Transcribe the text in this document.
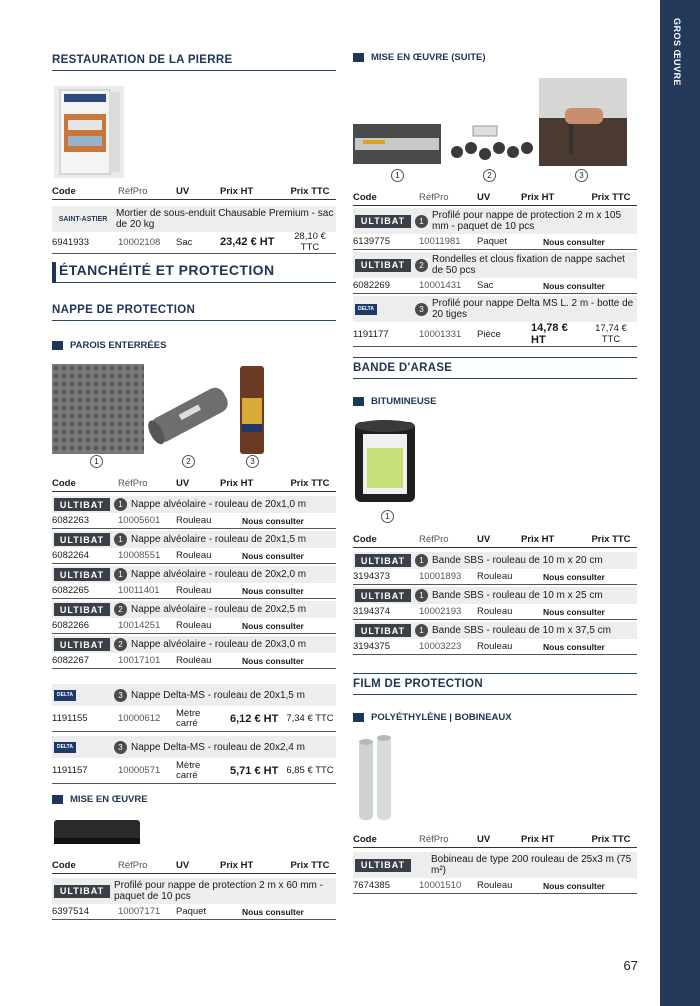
GROS ŒUVRE
RESTAURATION DE LA PIERRE
Code	RéfPro	UV	Prix HT	Prix TTC
SAINT-ASTIER Mortier de sous-enduit Chausable Premium - sac de 20 kg
6941933	10002108	Sac	23,42 € HT	28,10 € TTC
ÉTANCHÉITÉ ET PROTECTION
NAPPE DE PROTECTION
PAROIS ENTERRÉES
1	2	3
Code	RéfPro	UV	Prix HT	Prix TTC
ULTIBAT	1 Nappe alvéolaire - rouleau de 20x1,0 m
6082263	10005601	Rouleau	Nous consulter
ULTIBAT	1 Nappe alvéolaire - rouleau de 20x1,5 m
6082264	10008551	Rouleau	Nous consulter
ULTIBAT	1 Nappe alvéolaire - rouleau de 20x2,0 m
6082265	10011401	Rouleau	Nous consulter
ULTIBAT	2 Nappe alvéolaire - rouleau de 20x2,5 m
6082266	10014251	Rouleau	Nous consulter
ULTIBAT	2 Nappe alvéolaire - rouleau de 20x3,0 m
6082267	10017101	Rouleau	Nous consulter
DELTA	3 Nappe Delta-MS - rouleau de 20x1,5 m
1191155	10000612	Mètre carré	6,12 € HT 7,34 € TTC
DELTA	3 Nappe Delta-MS - rouleau de 20x2,4 m
1191157	10000571	Mètre carré	5,71 € HT 6,85 € TTC
MISE EN ŒUVRE
Code	RéfPro	UV	Prix HT	Prix TTC
ULTIBAT Profilé pour nappe de protection 2 m x 60 mm - paquet de 10 pcs
6397514	10007171	Paquet	Nous consulter
MISE EN ŒUVRE (SUITE)
1	2	3
Code	RéfPro	UV	Prix HT	Prix TTC
ULTIBAT	1 Profilé pour nappe de protection 2 m x 105 mm - paquet de 10 pcs
6139775	10011981	Paquet	Nous consulter
ULTIBAT	2 Rondelles et clous fixation de nappe sachet de 50 pcs
6082269	10001431	Sac	Nous consulter
DELTA	3 Profilé pour nappe Delta MS L. 2 m - botte de 20 tiges
1191177	10001331	Pièce	14,78 € HT
17,74 € TTC
BANDE D'ARASE
BITUMINEUSE
1
Code	RéfPro	UV	Prix HT	Prix TTC
ULTIBAT	1 Bande SBS - rouleau de 10 m x 20 cm
3194373	10001893	Rouleau	Nous consulter
ULTIBAT	1 Bande SBS - rouleau de 10 m x 25 cm
3194374	10002193	Rouleau	Nous consulter
ULTIBAT	1 Bande SBS - rouleau de 10 m x 37,5 cm
3194375	10003223	Rouleau	Nous consulter
FILM DE PROTECTION
POLYÉTHYLÈNE | BOBINEAUX
Code	RéfPro	UV	Prix HT	Prix TTC
ULTIBAT	Bobineau de type 200 rouleau de 25x3 m (75 m²)
7674385	10001510	Rouleau	Nous consulter
67
